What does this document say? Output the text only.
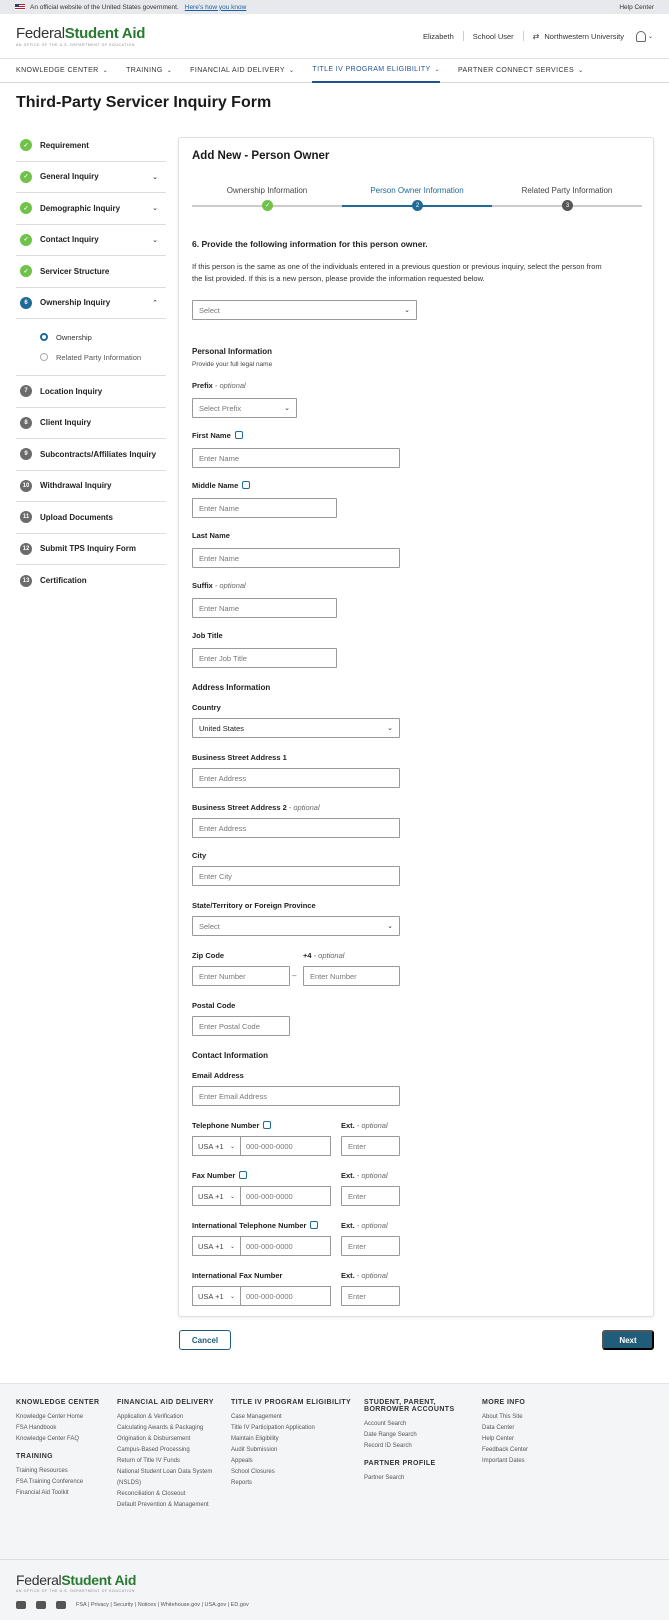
An official website of the United States government. Here's how you know	Help Center
FederalStudent Aid
AN OFFICE OF THE U.S. DEPARTMENT OF EDUCATION
Elizabeth	School User ⇄ Northwestern University	⌄
KNOWLEDGE CENTER ⌄	TRAINING ⌄	FINANCIAL AID DELIVERY ⌄	TITLE IV PROGRAM ELIGIBILITY ⌄	PARTNER CONNECT SERVICES ⌄
Third-Party Servicer Inquiry Form
✓	Requirement
✓	General Inquiry	⌄
✓	Demographic Inquiry	⌄
✓	Contact Inquiry	⌄
✓	Servicer Structure
6	Ownership Inquiry	⌃
Ownership
Related Party Information
7	Location Inquiry
8	Client Inquiry
9	Subcontracts/Affiliates Inquiry
10	Withdrawal Inquiry
11	Upload Documents
12	Submit TPS Inquiry Form
13	Certification
Add New - Person Owner
Ownership Information	Person Owner Information	Related Party Information
✓	2	3
6. Provide the following information for this person owner.
If this person is the same as one of the individuals entered in a previous question or previous inquiry, select the person from the list provided. If this is a new person, please provide the information requested below.
Select	⌄
Personal Information
Provide your full legal name
Prefix - optional
Select Prefix	⌄
First Name
Enter Name
Middle Name
Enter Name
Last Name
Enter Name
Suffix - optional
Enter Name
Job Title
Enter Job Title
Address Information
Country
United States	⌄
Business Street Address 1
Enter Address
Business Street Address 2 - optional
Enter Address
City
Enter City
State/Territory or Foreign Province
Select	⌄
Zip Code	+4 - optional
Enter Number	–	Enter Number
Postal Code
Enter Postal Code
Contact Information
Email Address
Enter Email Address
Telephone Number	Ext. - optional
USA +1 ⌄	000-000-0000	Enter
Fax Number	Ext. - optional
USA +1 ⌄	000-000-0000	Enter
International Telephone Number	Ext. - optional
USA +1 ⌄	000-000-0000	Enter
International Fax Number	Ext. - optional
USA +1 ⌄	000-000-0000	Enter
Cancel	Next
KNOWLEDGE CENTER
Knowledge Center Home
FSA Handbook
Knowledge Center FAQ
TRAINING
Training Resources
FSA Training Conference
Financial Aid Toolkit
FINANCIAL AID DELIVERY
Application & Verification
Calculating Awards & Packaging
Origination & Disbursement
Campus-Based Processing
Return of Title IV Funds
National Student Loan Data System (NSLDS)
Reconciliation & Closeout
Default Prevention & Management
TITLE IV PROGRAM ELIGIBILITY
Case Management
Title IV Participation Application
Maintain Eligibility
Audit Submission
Appeals
School Closures
Reports
STUDENT, PARENT, BORROWER ACCOUNTS
Account Search
Date Range Search
Record ID Search
PARTNER PROFILE
Partner Search
MORE INFO
About This Site
Data Center
Help Center
Feedback Center
Important Dates
FederalStudent Aid
AN OFFICE OF THE U.S. DEPARTMENT OF EDUCATION
FSA | Privacy | Security | Notices | Whitehouse.gov | USA.gov | ED.gov
